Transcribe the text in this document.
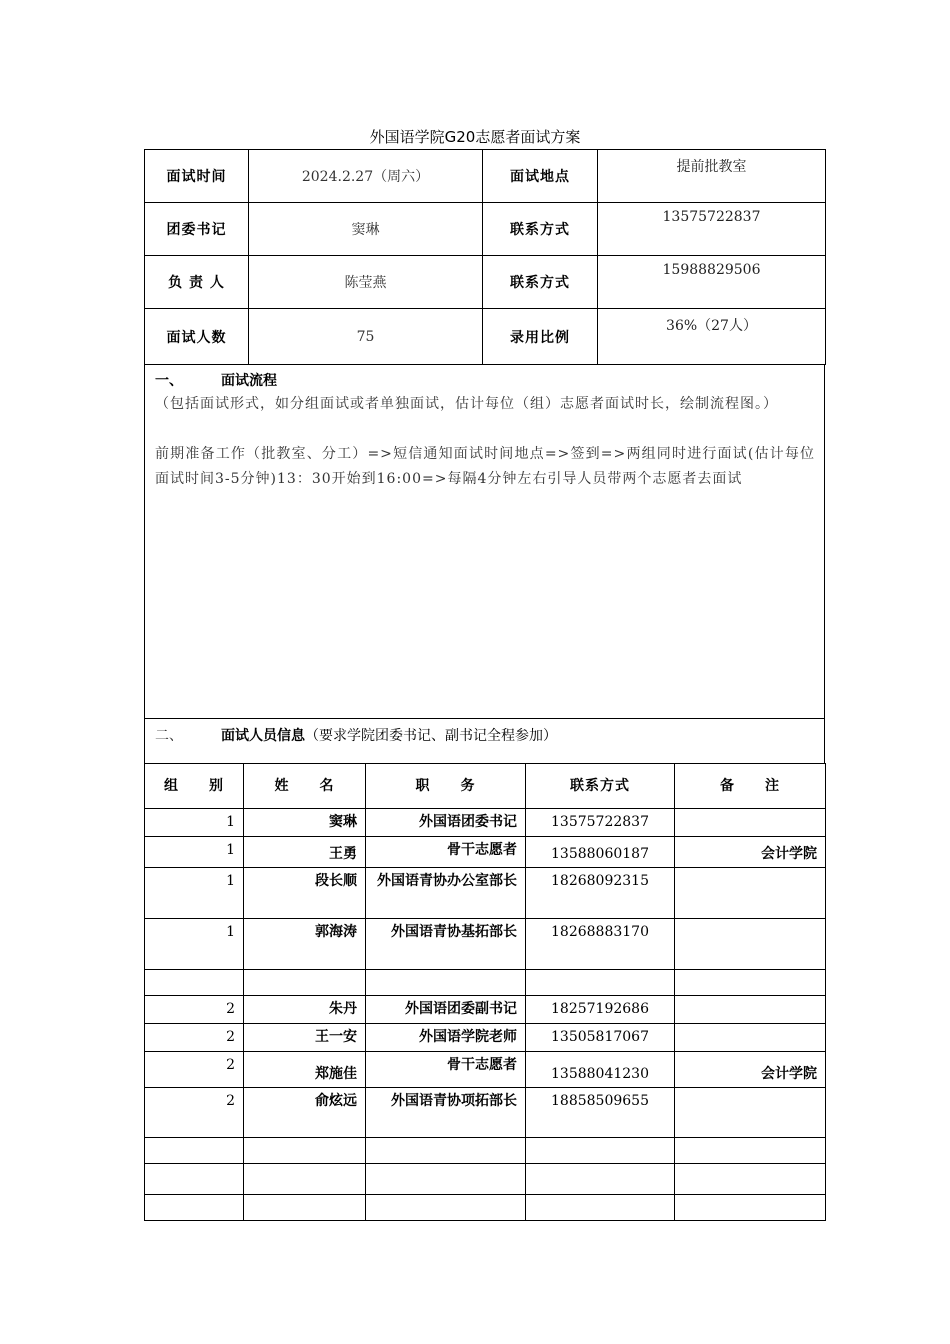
外国语学院G20志愿者面试方案
面试时间	2024.2.27（周六）	面试地点	提前批教室
团委书记	窦琳	联系方式	13575722837
负 责 人	陈莹燕	联系方式	15988829506
面试人数	75	录用比例	36%（27人）
一、	面试流程
（包括面试形式，如分组面试或者单独面试，估计每位（组）志愿者面试时长，绘制流程图。）
前期准备工作（批教室、分工）=>短信通知面试时间地点=>签到=>两组同时进行面试(估计每位面试时间3-5分钟)13：30开始到16:00=>每隔4分钟左右引导人员带两个志愿者去面试
二、	面试人员信息（要求学院团委书记、副书记全程参加）
组　　别	姓　　名	职　　务	联系方式	备　　注
1	窦琳	外国语团委书记	13575722837	
1	王勇	骨干志愿者	13588060187	会计学院
1	段长顺	外国语青协办公室部长	18268092315	
1	郭海涛	外国语青协基拓部长	18268883170	

2	朱丹	外国语团委副书记	18257192686	
2	王一安	外国语学院老师	13505817067	
2	郑施佳	骨干志愿者	13588041230	会计学院
2	俞炫远	外国语青协项拓部长	18858509655	
